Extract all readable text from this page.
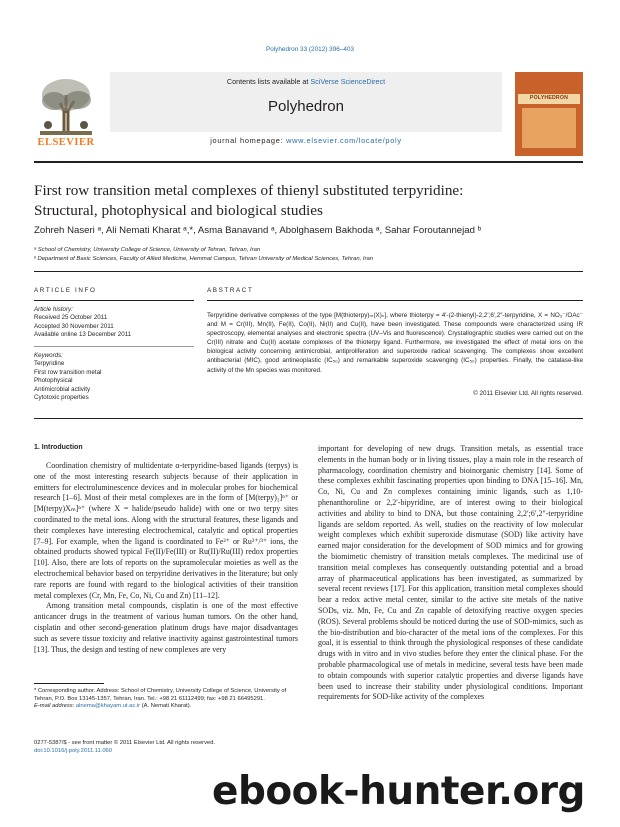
Polyhedron 33 (2012) 396–403
ELSEVIER
Contents lists available at SciVerse ScienceDirect
Polyhedron
journal homepage: www.elsevier.com/locate/poly
POLYHEDRON
First row transition metal complexes of thienyl substituted terpyridine:
Structural, photophysical and biological studies
Zohreh Naseri ᵃ, Ali Nemati Kharat ᵃ,*, Asma Banavand ᵃ, Abolghasem Bakhoda ᵃ, Sahar Foroutannejad ᵇ
ᵃ School of Chemistry, University College of Science, University of Tehran, Tehran, Iran
ᵇ Department of Basic Sciences, Faculty of Allied Medicine, Hemmat Campus, Tehran University of Medical Sciences, Tehran, Iran
ARTICLE INFO
Article history:
Received 25 October 2011
Accepted 30 November 2011
Available online 13 December 2011
Keywords:
Terpyridine
First row transition metal
Photophysical
Antimicrobial activity
Cytotoxic properties
ABSTRACT
Terpyridine derivative complexes of the type [M(thioterpy)ₘ(X)ₙ], where thioterpy = 4′-(2-thienyl)-2,2′;6′,2″-terpyridine, X = NO₃⁻/OAc⁻ and M = Cr(III), Mn(II), Fe(II), Co(II), Ni(II) and Cu(II), have been investigated. These compounds were characterized using IR spectroscopy, elemental analyses and electronic spectra (UV–Vis and fluorescence). Crystallographic studies were carried out on the Cr(III) nitrate and Cu(II) acetate complexes of the thioterpy ligand. Furthermore, we investigated the effect of metal ions on the biological activity concerning antimicrobial, antiproliferation and superoxide radical scavenging. The complexes show excellent antibacterial (MIC), good antineoplastic (IC₅₀) and remarkable superoxide scavenging (IC₅₀) properties. Finally, the catalase-like activity of the Mn species was monitored.
© 2011 Elsevier Ltd. All rights reserved.
1. Introduction

Coordination chemistry of multidentate α-terpyridine-based ligands (terpys) is one of the most interesting research subjects because of their application in emitters for electroluminescence devices and in molecular probes for biochemical research [1–6]. Most of their metal complexes are in the form of [M(terpy)₂]ⁿ⁺ or [M(terpy)Xₘ]ⁿ⁺ (where X = halide/pseudo halide) with one or two terpy sites coordinated to the metal ions. Along with the structural features, these ligands and their complexes have interesting electrochemical, catalytic and optical properties [7–9]. For example, when the ligand is coordinated to Fe²⁺ or Ru²⁺/³⁺ ions, the obtained products showed typical Fe(II)/Fe(III) or Ru(II)/Ru(III) redox properties [10]. Also, there are lots of reports on the supramolecular moieties as well as the electrochemical behavior based on terpyridine derivatives in the literature; but only rare reports are found with regard to the biological activities of their transition metal complexes (Cr, Mn, Fe, Co, Ni, Cu and Zn) [11–12].

Among transition metal compounds, cisplatin is one of the most effective anticancer drugs in the treatment of various human tumors. On the other hand, cisplatin and other second-generation platinum drugs have major disadvantages such as severe tissue toxicity and relative inactivity against gastrointestinal tumors [13]. Thus, the design and testing of new complexes are very

important for developing of new drugs. Transition metals, as essential trace elements in the human body or in living tissues, play a main role in the research of pharmacology, coordination chemistry and bioinorganic chemistry [14]. Some of these complexes exhibit fascinating properties upon binding to DNA [15–16]. Mn, Co, Ni, Cu and Zn complexes containing iminic ligands, such as 1,10-phenanthoroline or 2,2′-bipyridine, are of interest owing to their biological activities and ability to bind to DNA, but those containing 2,2′;6′,2″-terpyridine ligands are seldom reported. As well, studies on the reactivity of low molecular weight complexes which exhibit superoxide dismutase (SOD) like activity have earned major consideration for the development of SOD mimics and for growing the biomimetic chemistry of transition metals complexes. The medicinal use of transition metal complexes has consequently outstanding potential and a broad array of pharmaceutical applications has been investigated, as summarized by several recent reviews [17]. For this application, transition metal complexes should bear a redox active metal center, similar to the active site metals of the native SODs, viz. Mn, Fe, Cu and Zn capable of detoxifying reactive oxygen species (ROS). Several problems should be noticed during the use of SOD-mimics, such as the bio-distribution and bio-character of the metal ions of the complexes. For this goal, it is essential to think through the physiological responses of these candidate drugs with in vitro and in vivo studies before they enter the clinical phase. For the probable pharmacological use of metals in medicine, several tests have been made to obtain compounds with superior catalytic properties and diverse ligands have been used to increase their stability under physiological conditions. Important requirements for SOD-like activity of the complexes

* Corresponding author. Address: School of Chemistry, University College of Science, University of Tehran, P.O. Box 13145-1357, Tehran, Iran. Tel.: +98 21 61112499; fax: +98 21 66495291.
E-mail address: alnema@khayam.ut.ac.ir (A. Nemati Kharat).
0277-5387/$ - see front matter © 2011 Elsevier Ltd. All rights reserved.
doi:10.1016/j.poly.2011.11.060
ebook-hunter.org
